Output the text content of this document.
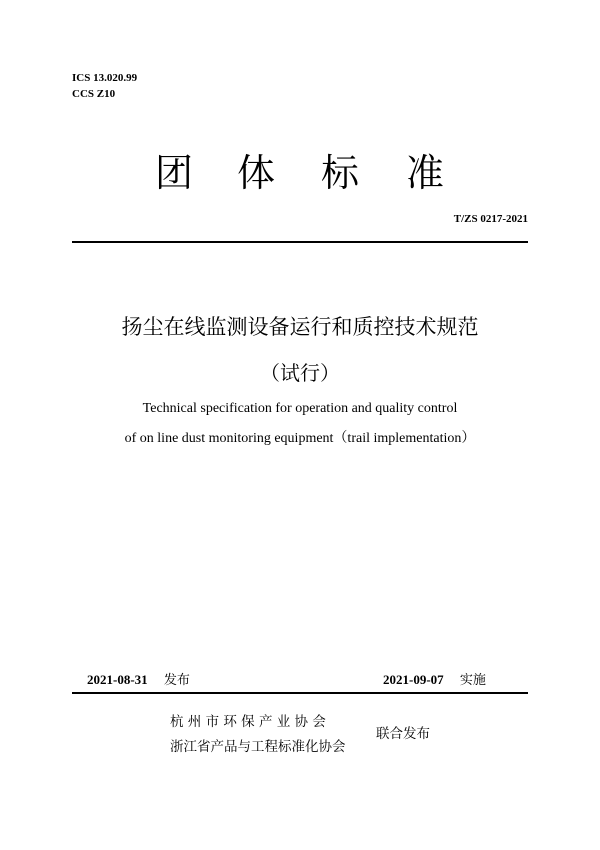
ICS 13.020.99
CCS Z10
团 体 标 准
T/ZS 0217-2021
扬尘在线监测设备运行和质控技术规范
（试行）
Technical specification for operation and quality control
of on line dust monitoring equipment（trail implementation）
2021-08-31 发布	2021-09-07 实施
杭 州 市 环 保 产 业 协 会
浙江省产品与工程标准化协会
联合发布
